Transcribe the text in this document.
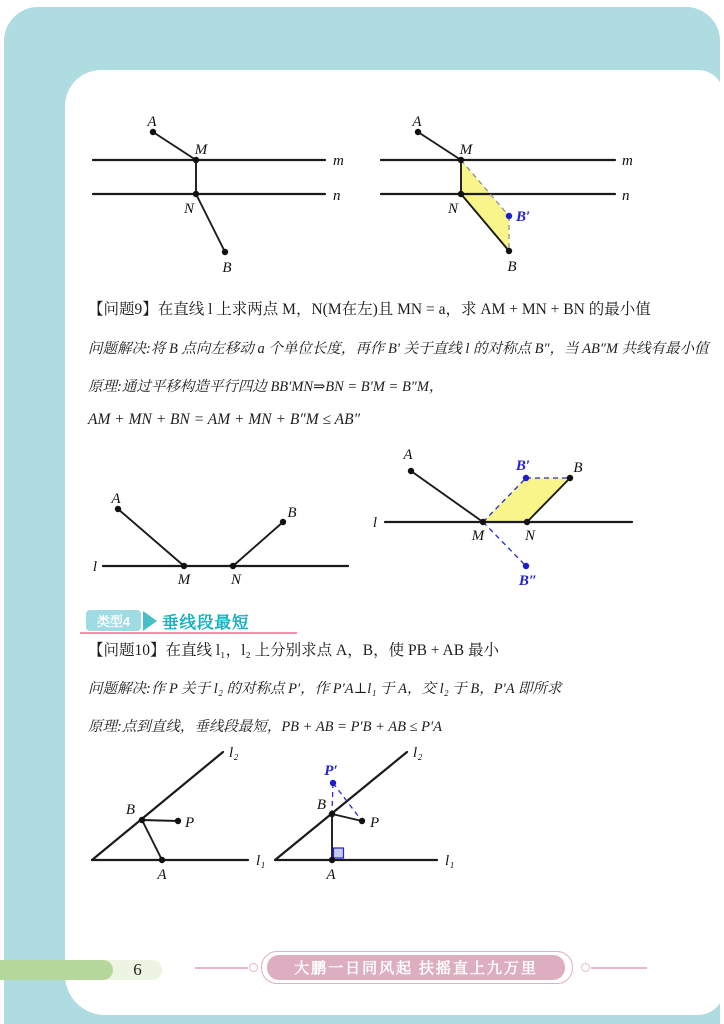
A
M
N
B
m
n
A
M
N
B
B′
m
n
A
l
M	N
B
A
l
M	N
B′	B
B″
B
P
A
l₂
l₁
B
P
P′
A
l₂
l₁
【问题9】在直线 l 上求两点 M，N(M在左)且 MN = a，求 AM + MN + BN 的最小值
问题解决:将 B 点向左移动 a 个单位长度，再作 B′ 关于直线 l 的对称点 B″，当 AB″M 共线有最小值
原理:通过平移构造平行四边 BB′MN⇒BN = B′M = B″M，
AM + MN + BN = AM + MN + B″M ≤ AB″
类型4 垂线段最短
【问题10】在直线 l₁，l₂ 上分别求点 A，B，使 PB + AB 最小
问题解决:作 P 关于 l₂ 的对称点 P′，作 P′A⊥l₁ 于 A，交 l₂ 于 B，P′A 即所求
原理:点到直线，垂线段最短，PB + AB = P′B + AB ≤ P′A
6	大鹏一日同风起 扶摇直上九万里
